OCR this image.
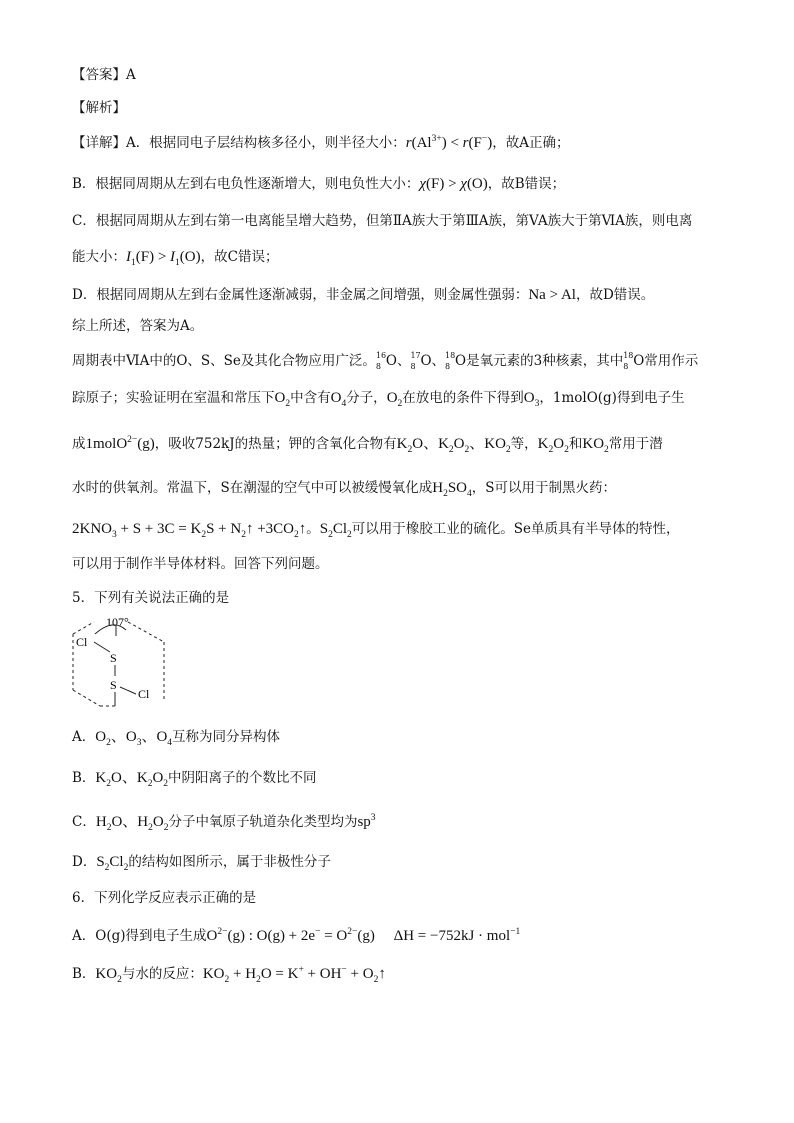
【答案】A
【解析】
【详解】A．根据同电子层结构核多径小，则半径大小：$r(Al^{3+}) < r(F^-)$，故A正确；
B．根据同周期从左到右电负性逐渐增大，则电负性大小：χ(F) > χ(O)，故B错误；
C．根据同周期从左到右第一电离能呈增大趋势，但第ⅡA族大于第ⅢA族，第VA族大于第ⅥA族，则电离
能大小：$I_1(F) > I_1(O)$，故C错误；
D．根据同周期从左到右金属性逐渐减弱，非金属之间增强，则金属性强弱：Na > Al，故D错误。
综上所述，答案为A。
周期表中ⅥA中的O、S、Se及其化合物应用广泛。 16
8 O、 17
8 O、 18
8 O是氧元素的3种核素，其中 18
8 O常用作示
踪原子；实验证明在室温和常压下$O_2$中含有$O_4$分子，$O_2$在放电的条件下得到$O_3$，1molO(g)得到电子生
成1molO$^{2-}$(g)，吸收752kJ的热量；钾的含氧化合物有$K_2O$、$K_2O_2$、$KO_2$等，$K_2O_2$和$KO_2$常用于潜
水时的供氧剂。常温下，S在潮湿的空气中可以被缓慢氧化成$H_2SO_4$，S可以用于制黑火药：
$2KNO_3 + S + 3C = K_2S$ + $N_2↑$ $+3CO_2↑$。$S_2Cl_2$可以用于橡胶工业的硫化。Se单质具有半导体的特性，
可以用于制作半导体材料。回答下列问题。
5．下列有关说法正确的是
107°
Cl
S
S
Cl
A．$O_2$、$O_3$、$O_4$互称为同分异构体
B．$K_2O$、$K_2O_2$中阴阳离子的个数比不同
C．$H_2O$、$H_2O_2$分子中氧原子轨道杂化类型均为$sp^3$
D．$S_2Cl_2$的结构如图所示，属于非极性分子
6．下列化学反应表示正确的是
A．O(g)得到电子生成$O^{2-}(g)$ : $O(g) + 2e^- = O^{2-}(g)$     ΔH = −752kJ · mol$^{-1}$
B．$KO_2$与水的反应：$KO_2 + H_2O = K^+ + OH^-$ + $O_2↑$
